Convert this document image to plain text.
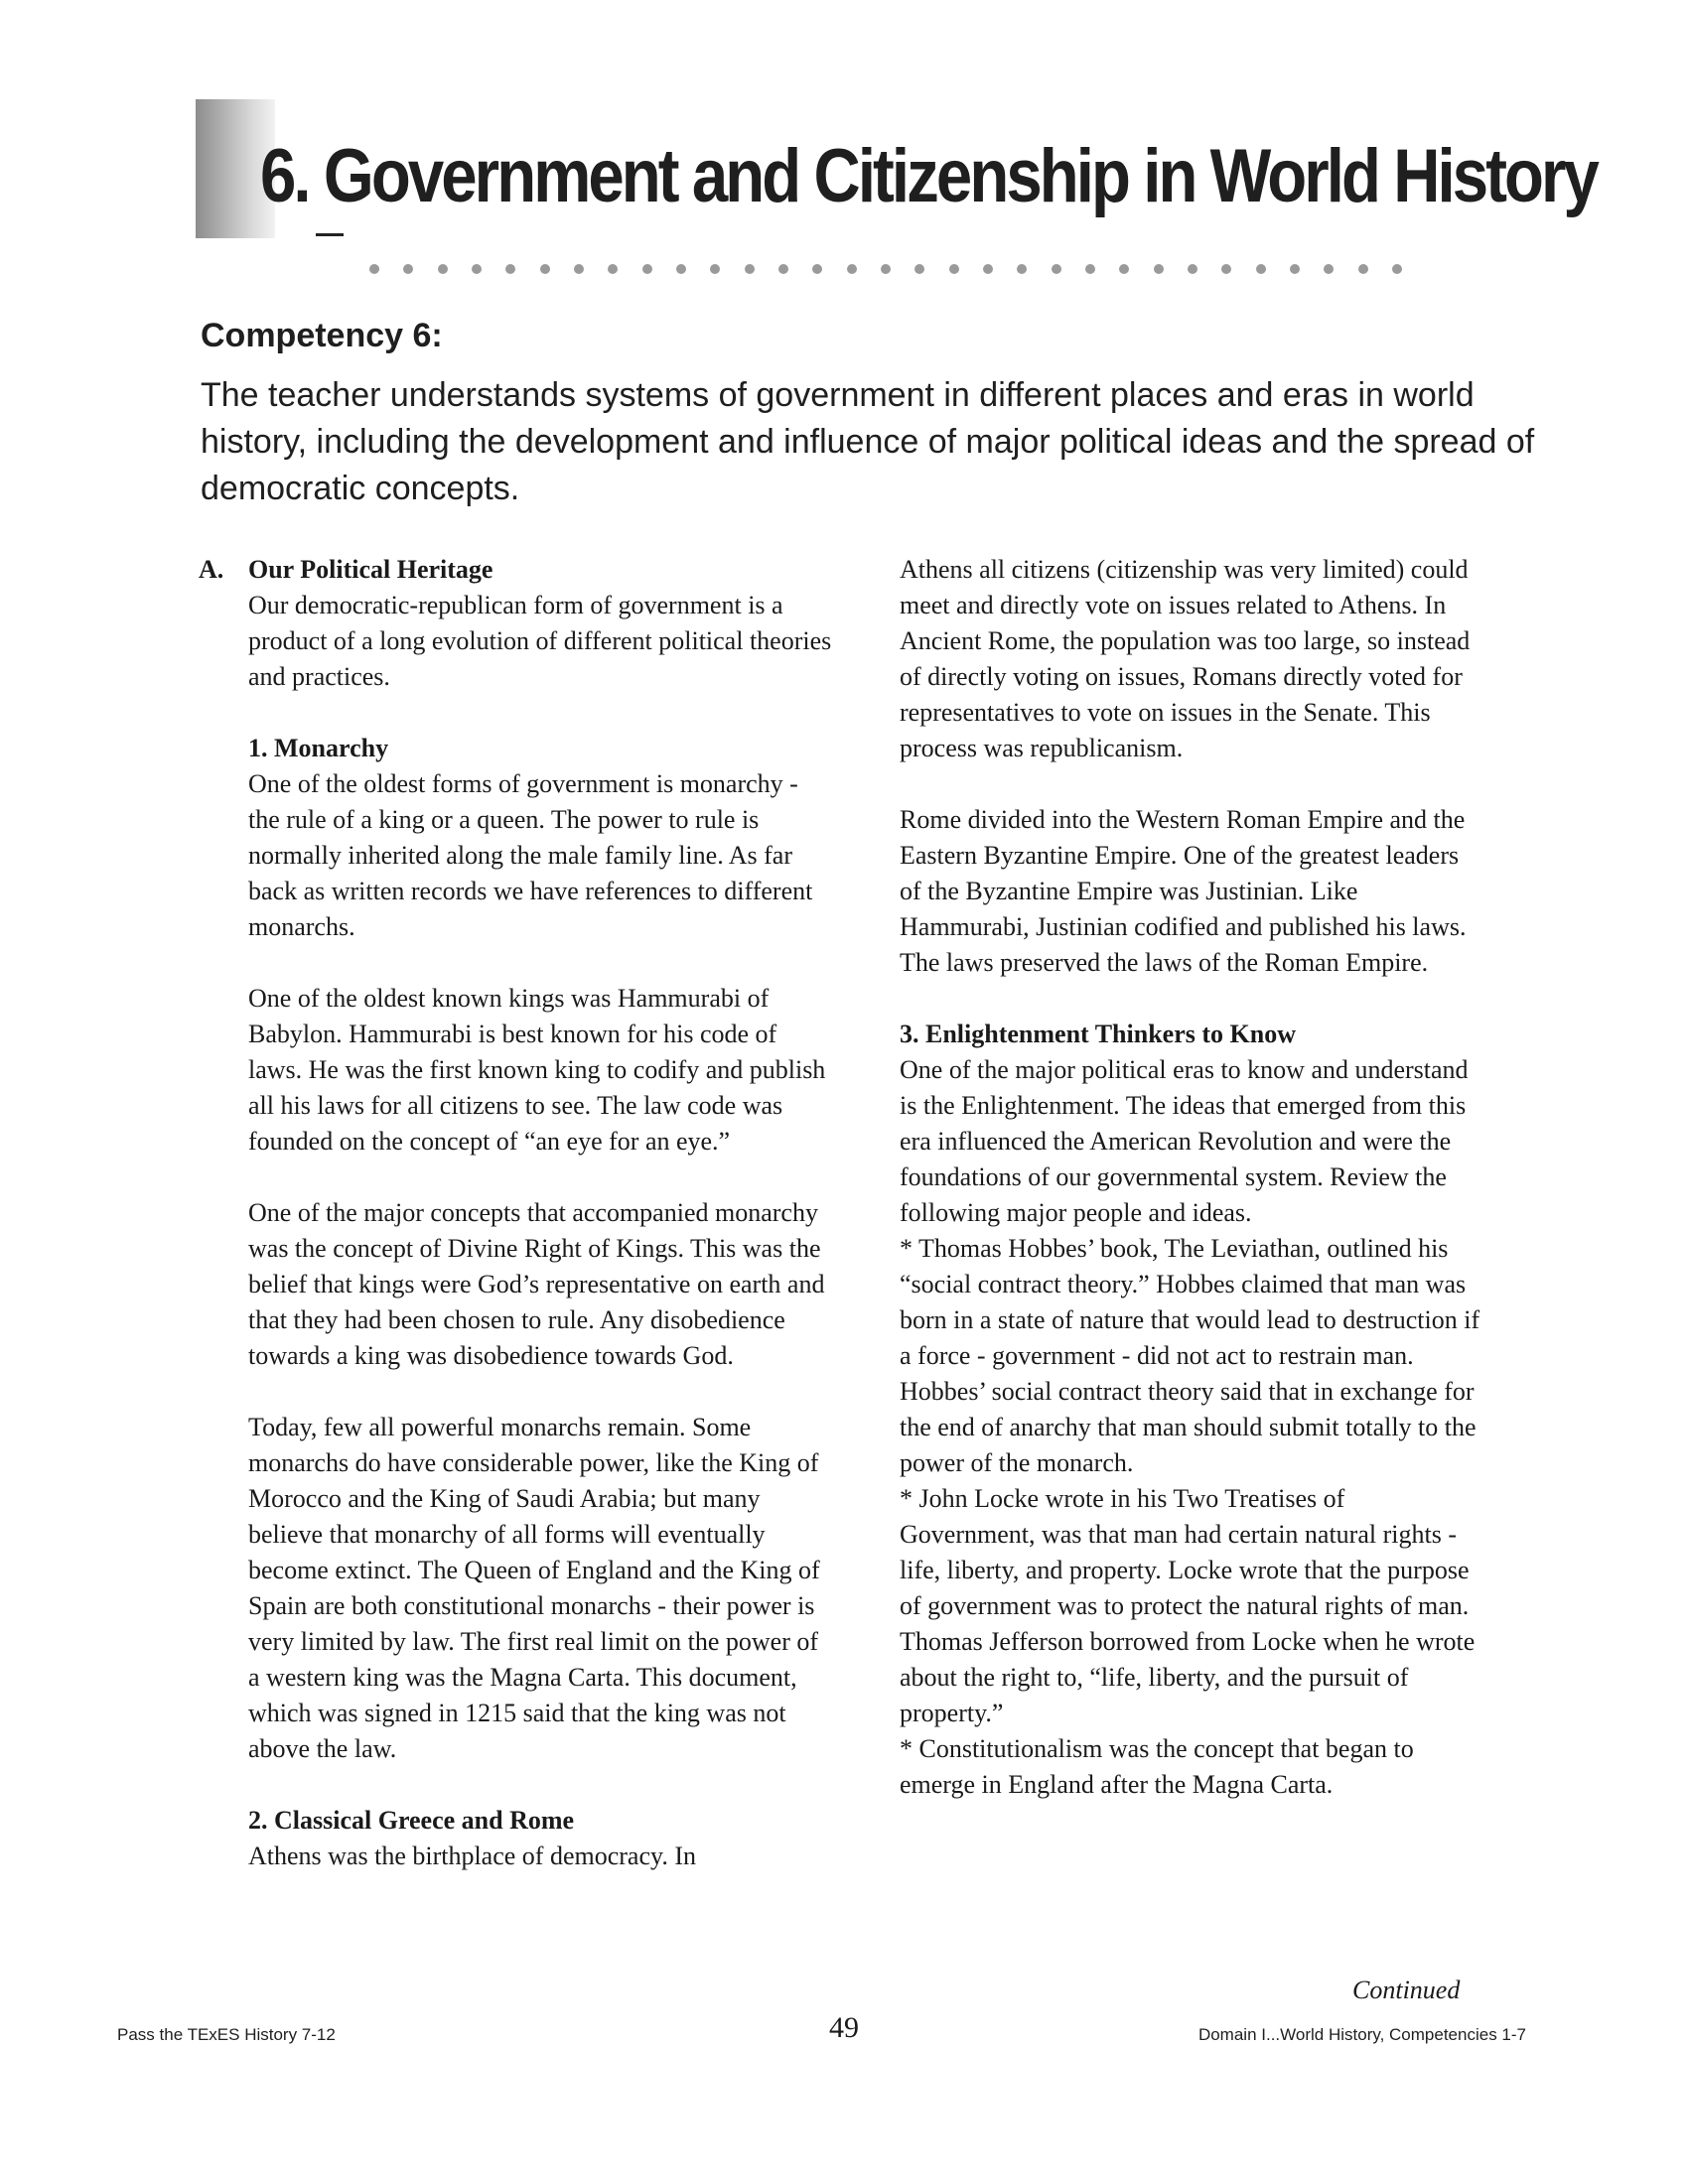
6. Government and Citizenship in World History

Competency 6:

The teacher understands systems of government in different places and eras in world history, including the development and influence of major political ideas and the spread of democratic concepts.

A. Our Political Heritage

Our democratic-republican form of government is a product of a long evolution of different political theories and practices.

1. Monarchy

One of the oldest forms of government is monarchy - the rule of a king or a queen. The power to rule is normally inherited along the male family line. As far back as written records we have references to different monarchs.

One of the oldest known kings was Hammurabi of Babylon. Hammurabi is best known for his code of laws. He was the first known king to codify and publish all his laws for all citizens to see. The law code was founded on the concept of “an eye for an eye.”

One of the major concepts that accompanied monarchy was the concept of Divine Right of Kings. This was the belief that kings were God’s representative on earth and that they had been chosen to rule. Any disobedience towards a king was disobedience towards God.

Today, few all powerful monarchs remain. Some monarchs do have considerable power, like the King of Morocco and the King of Saudi Arabia; but many believe that monarchy of all forms will eventually become extinct. The Queen of England and the King of Spain are both constitutional monarchs - their power is very limited by law. The first real limit on the power of a western king was the Magna Carta. This document, which was signed in 1215 said that the king was not above the law.

2. Classical Greece and Rome

Athens was the birthplace of democracy. In

Athens all citizens (citizenship was very limited) could meet and directly vote on issues related to Athens. In Ancient Rome, the population was too large, so instead of directly voting on issues, Romans directly voted for representatives to vote on issues in the Senate. This process was republicanism.

Rome divided into the Western Roman Empire and the Eastern Byzantine Empire. One of the greatest leaders of the Byzantine Empire was Justinian. Like Hammurabi, Justinian codified and published his laws. The laws preserved the laws of the Roman Empire.

3. Enlightenment Thinkers to Know

One of the major political eras to know and understand is the Enlightenment. The ideas that emerged from this era influenced the American Revolution and were the foundations of our governmental system. Review the following major people and ideas.

* Thomas Hobbes’ book, The Leviathan, outlined his “social contract theory.” Hobbes claimed that man was born in a state of nature that would lead to destruction if a force - government - did not act to restrain man. Hobbes’ social contract theory said that in exchange for the end of anarchy that man should submit totally to the power of the monarch.

* John Locke wrote in his Two Treatises of Government, was that man had certain natural rights - life, liberty, and property. Locke wrote that the purpose of government was to protect the natural rights of man. Thomas Jefferson borrowed from Locke when he wrote about the right to, “life, liberty, and the pursuit of property.”

* Constitutionalism was the concept that began to emerge in England after the Magna Carta.

Continued

Pass the TExES History 7-12	49	Domain I...World History, Competencies 1-7
